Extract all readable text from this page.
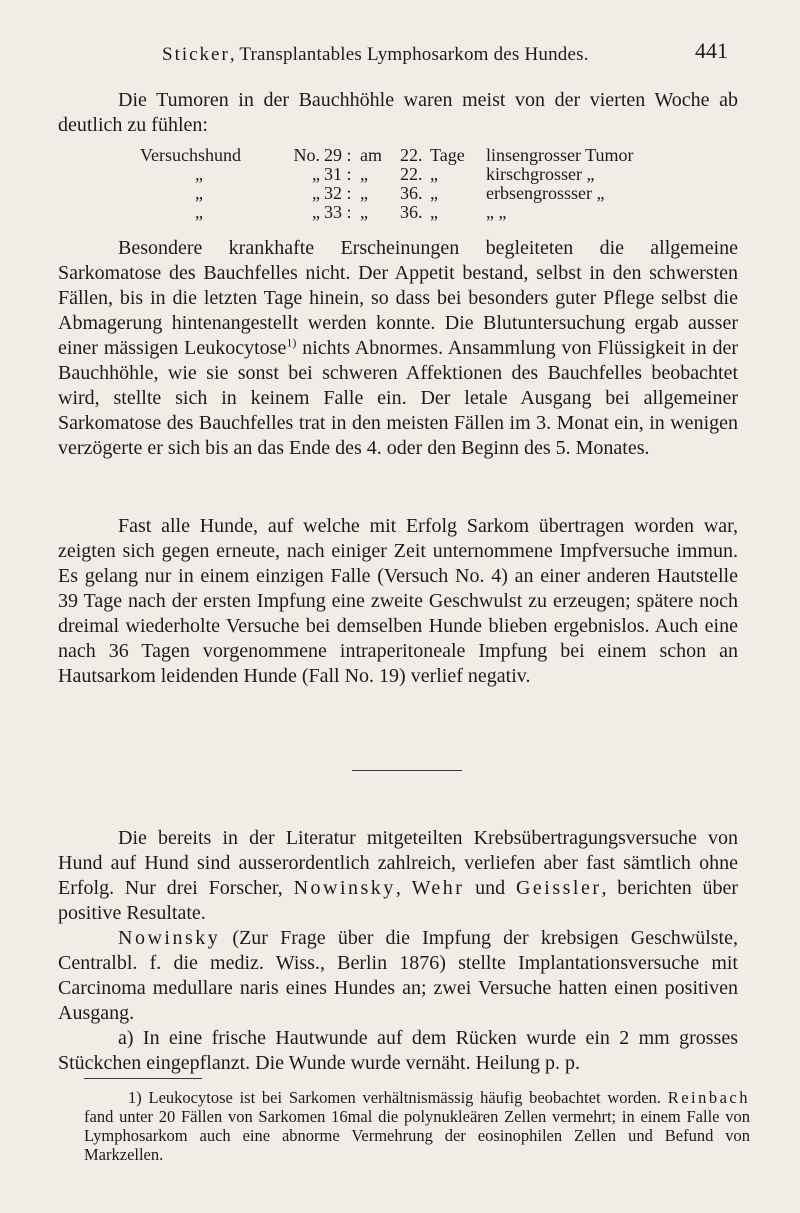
Sticker, Transplantables Lymphosarkom des Hundes.	441

Die Tumoren in der Bauchhöhle waren meist von der vierten Woche ab deutlich zu fühlen:

Versuchshund	No.	29 :	am	22.	Tage	linsengrosser Tumor
„	„	31 :	„	22.	„	kirschgrosser „
„	„	32 :	„	36.	„	erbsengrossser „
„	„	33 :	„	36.	„	„ „

Besondere krankhafte Erscheinungen begleiteten die allgemeine Sarkomatose des Bauchfelles nicht. Der Appetit bestand, selbst in den schwersten Fällen, bis in die letzten Tage hinein, so dass bei besonders guter Pflege selbst die Abmagerung hintenangestellt werden konnte. Die Blutuntersuchung ergab ausser einer mässigen Leukocytose$^{1)}$ nichts Abnormes. Ansammlung von Flüssigkeit in der Bauchhöhle, wie sie sonst bei schweren Affektionen des Bauchfelles beobachtet wird, stellte sich in keinem Falle ein. Der letale Ausgang bei allgemeiner Sarkomatose des Bauchfelles trat in den meisten Fällen im 3. Monat ein, in wenigen verzögerte er sich bis an das Ende des 4. oder den Beginn des 5. Monates.

Fast alle Hunde, auf welche mit Erfolg Sarkom übertragen worden war, zeigten sich gegen erneute, nach einiger Zeit unternommene Impfversuche immun. Es gelang nur in einem einzigen Falle (Versuch No. 4) an einer anderen Hautstelle 39 Tage nach der ersten Impfung eine zweite Geschwulst zu erzeugen; spätere noch dreimal wiederholte Versuche bei demselben Hunde blieben ergebnislos. Auch eine nach 36 Tagen vorgenommene intraperitoneale Impfung bei einem schon an Hautsarkom leidenden Hunde (Fall No. 19) verlief negativ.

Die bereits in der Literatur mitgeteilten Krebsübertragungsversuche von Hund auf Hund sind ausserordentlich zahlreich, verliefen aber fast sämtlich ohne Erfolg. Nur drei Forscher, Nowinsky, Wehr und Geissler, berichten über positive Resultate.

Nowinsky (Zur Frage über die Impfung der krebsigen Geschwülste, Centralbl. f. die mediz. Wiss., Berlin 1876) stellte Implantationsversuche mit Carcinoma medullare naris eines Hundes an; zwei Versuche hatten einen positiven Ausgang.

a) In eine frische Hautwunde auf dem Rücken wurde ein 2 mm grosses Stückchen eingepflanzt. Die Wunde wurde vernäht. Heilung p. p.

1) Leukocytose ist bei Sarkomen verhältnismässig häufig beobachtet worden. Reinbach fand unter 20 Fällen von Sarkomen 16mal die polynukleären Zellen vermehrt; in einem Falle von Lymphosarkom auch eine abnorme Vermehrung der eosinophilen Zellen und Befund von Markzellen.
